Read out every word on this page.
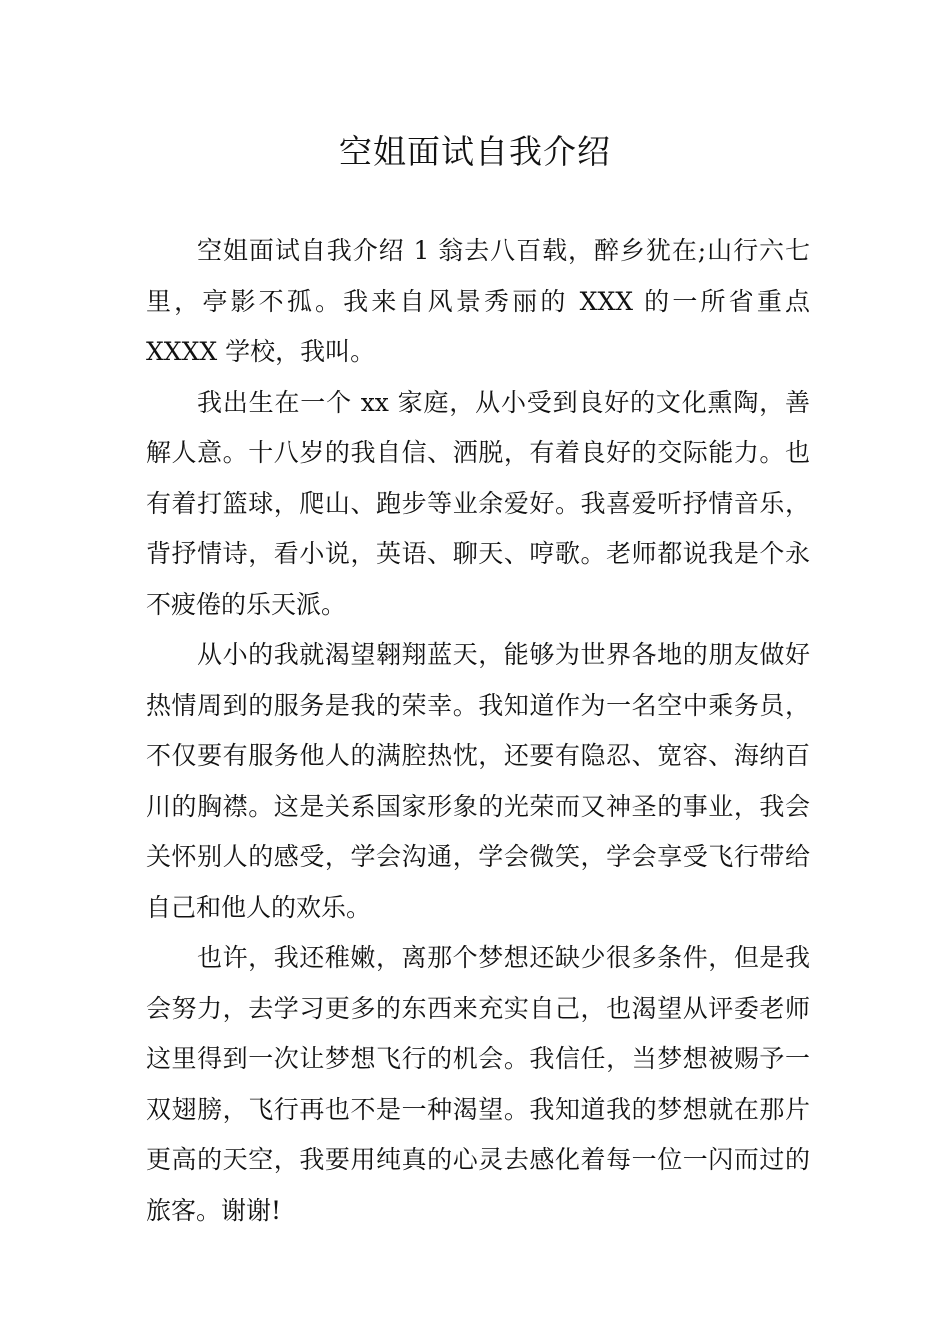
空姐面试自我介绍

空姐面试自我介绍 1 翁去八百载，醉乡犹在;山行六七里，亭影不孤。我来自风景秀丽的 XXX 的一所省重点 XXXX 学校，我叫。

我出生在一个 xx 家庭，从小受到良好的文化熏陶，善解人意。十八岁的我自信、洒脱，有着良好的交际能力。也有着打篮球，爬山、跑步等业余爱好。我喜爱听抒情音乐，背抒情诗，看小说，英语、聊天、哼歌。老师都说我是个永不疲倦的乐天派。

从小的我就渴望翱翔蓝天，能够为世界各地的朋友做好热情周到的服务是我的荣幸。我知道作为一名空中乘务员，不仅要有服务他人的满腔热忱，还要有隐忍、宽容、海纳百川的胸襟。这是关系国家形象的光荣而又神圣的事业，我会关怀别人的感受，学会沟通，学会微笑，学会享受飞行带给自己和他人的欢乐。

也许，我还稚嫩，离那个梦想还缺少很多条件，但是我会努力，去学习更多的东西来充实自己，也渴望从评委老师这里得到一次让梦想飞行的机会。我信任，当梦想被赐予一双翅膀，飞行再也不是一种渴望。我知道我的梦想就在那片更高的天空，我要用纯真的心灵去感化着每一位一闪而过的旅客。谢谢!
